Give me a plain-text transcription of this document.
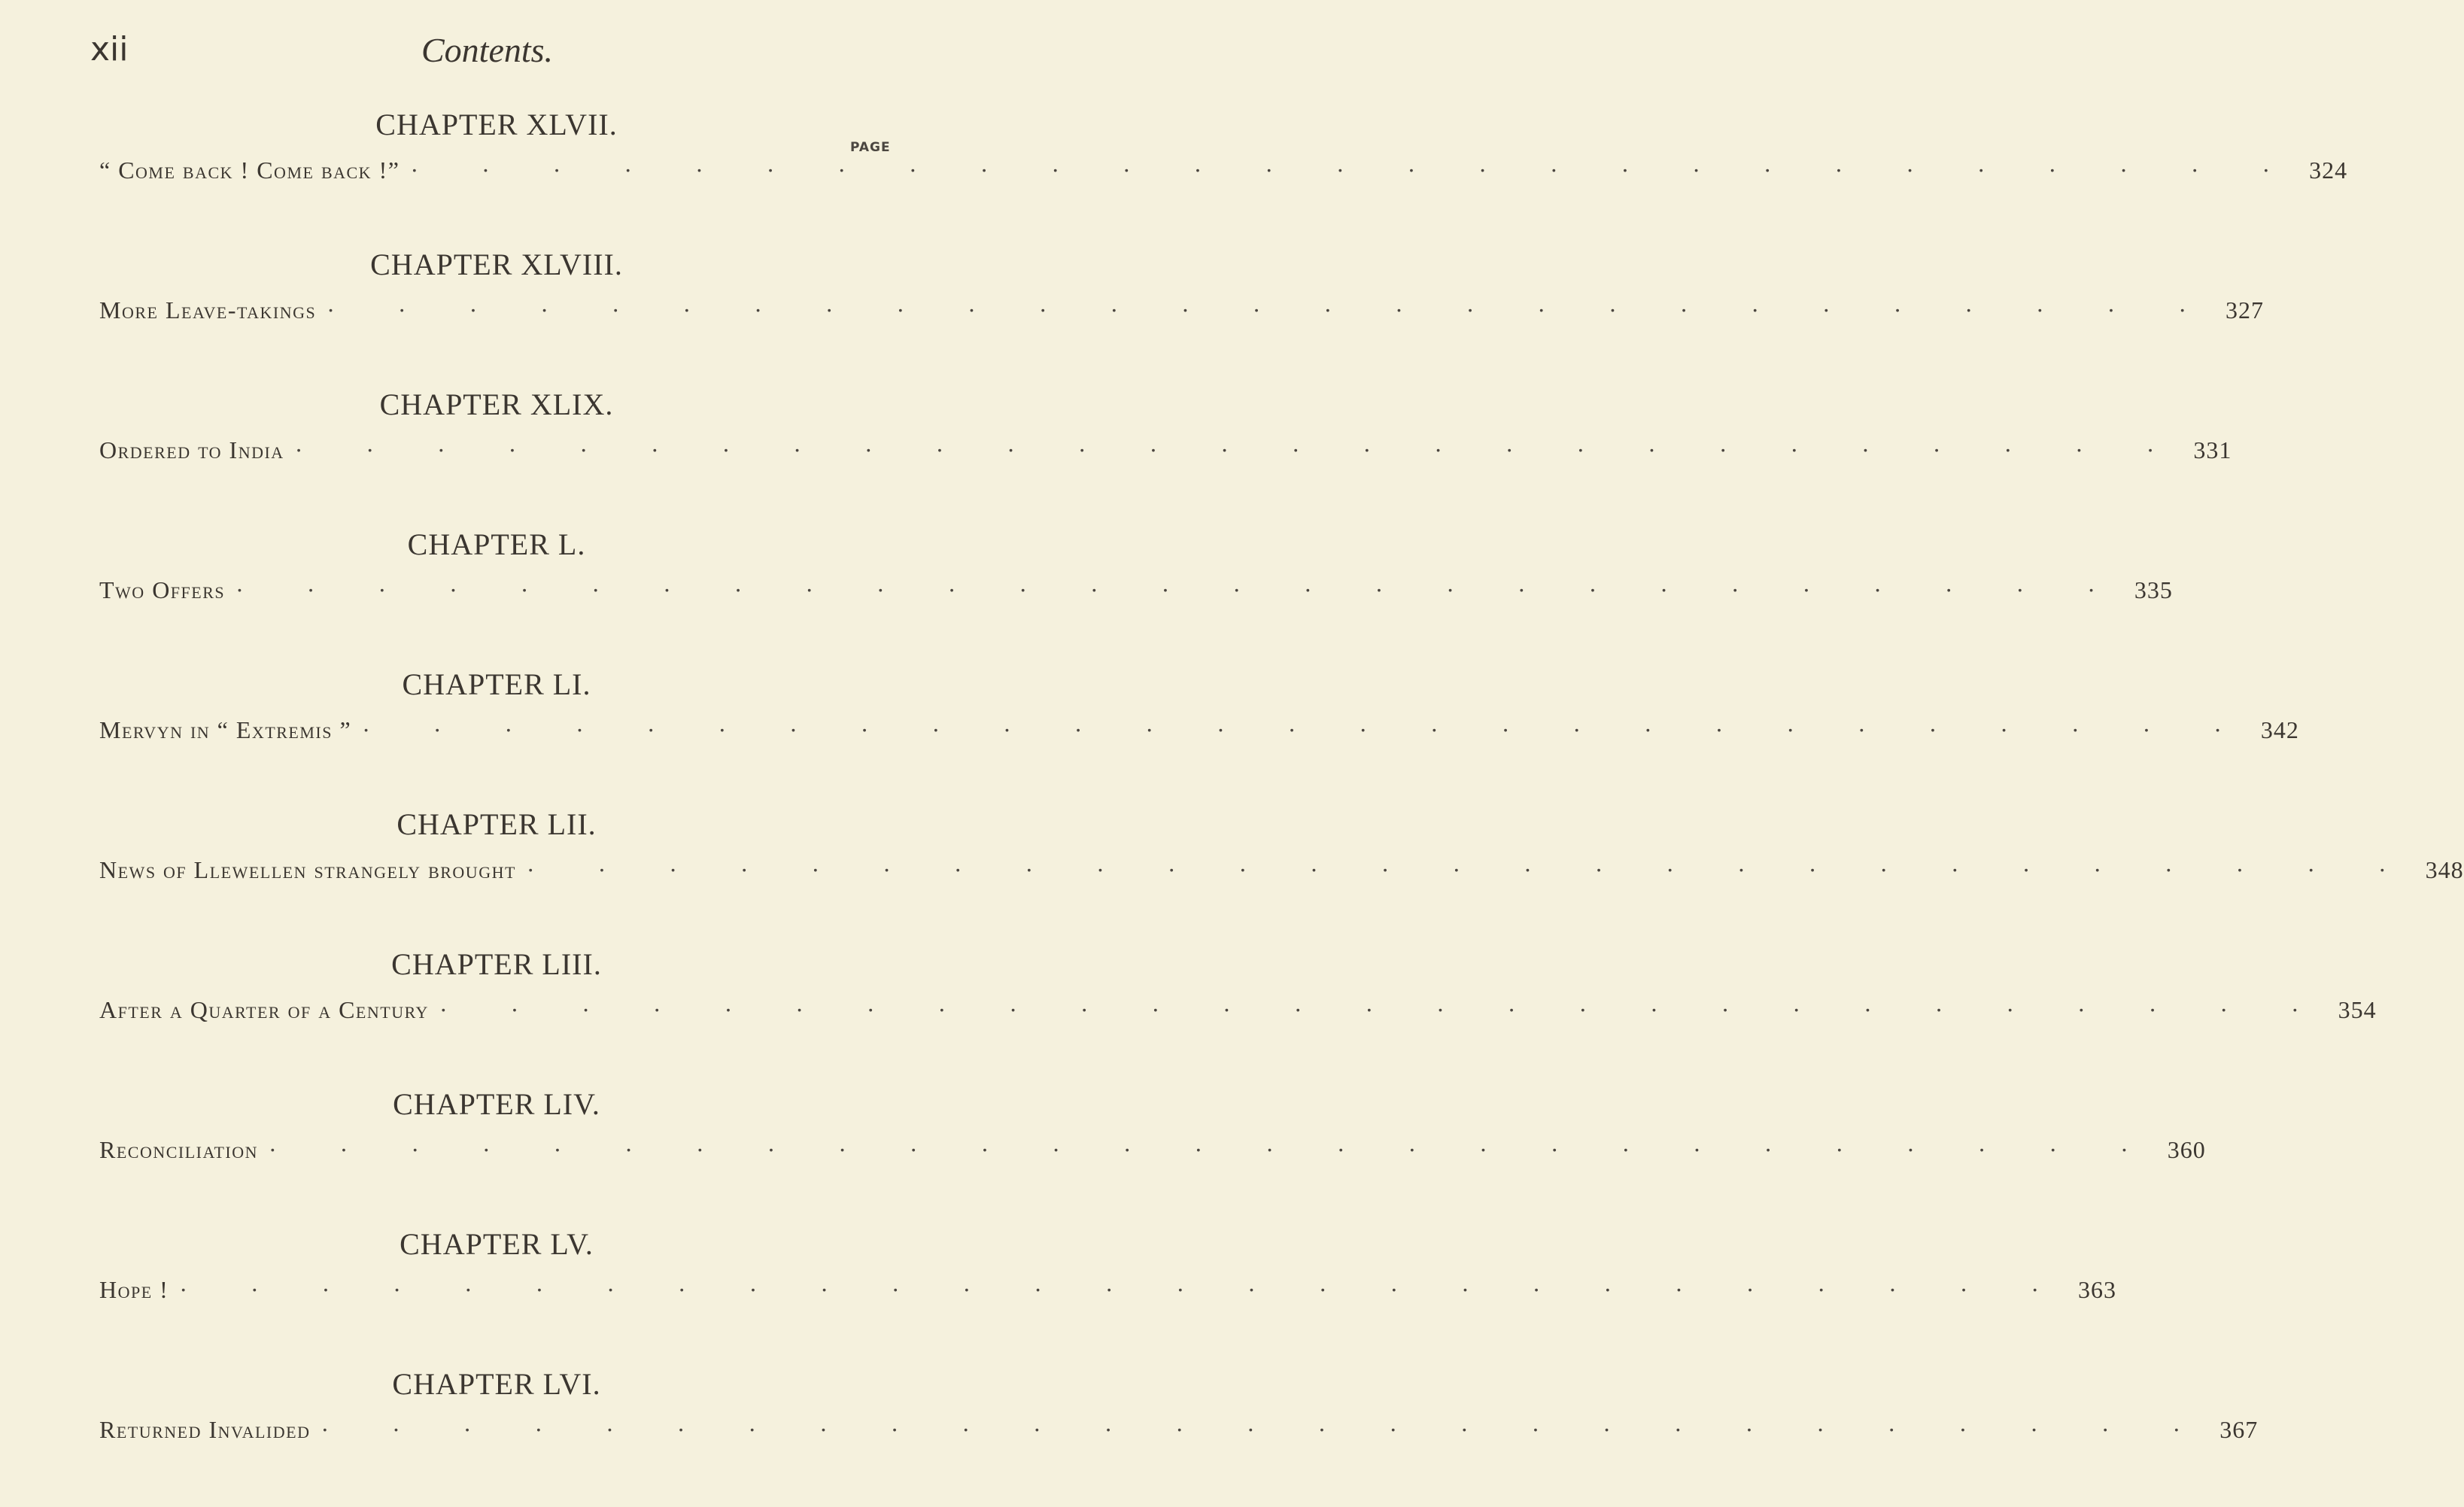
xii	Contents.
PAGE
CHAPTER XLVII.
“ Come back ! Come back !” · · · · · · · · · · · · · · · · · · · · · · · · · · · 324
CHAPTER XLVIII.
More Leave-takings · · · · · · · · · · · · · · · · · · · · · · · · · · · 327
CHAPTER XLIX.
Ordered to India · · · · · · · · · · · · · · · · · · · · · · · · · · · 331
CHAPTER L.
Two Offers · · · · · · · · · · · · · · · · · · · · · · · · · · · 335
CHAPTER LI.
Mervyn in “ Extremis ” · · · · · · · · · · · · · · · · · · · · · · · · · · · 342
CHAPTER LII.
News of Llewellen strangely brought · · · · · · · · · · · · · · · · · · · · · · · · · · · 348
CHAPTER LIII.
After a Quarter of a Century · · · · · · · · · · · · · · · · · · · · · · · · · · · 354
CHAPTER LIV.
Reconciliation · · · · · · · · · · · · · · · · · · · · · · · · · · · 360
CHAPTER LV.
Hope ! · · · · · · · · · · · · · · · · · · · · · · · · · · · 363
CHAPTER LVI.
Returned Invalided · · · · · · · · · · · · · · · · · · · · · · · · · · · 367
